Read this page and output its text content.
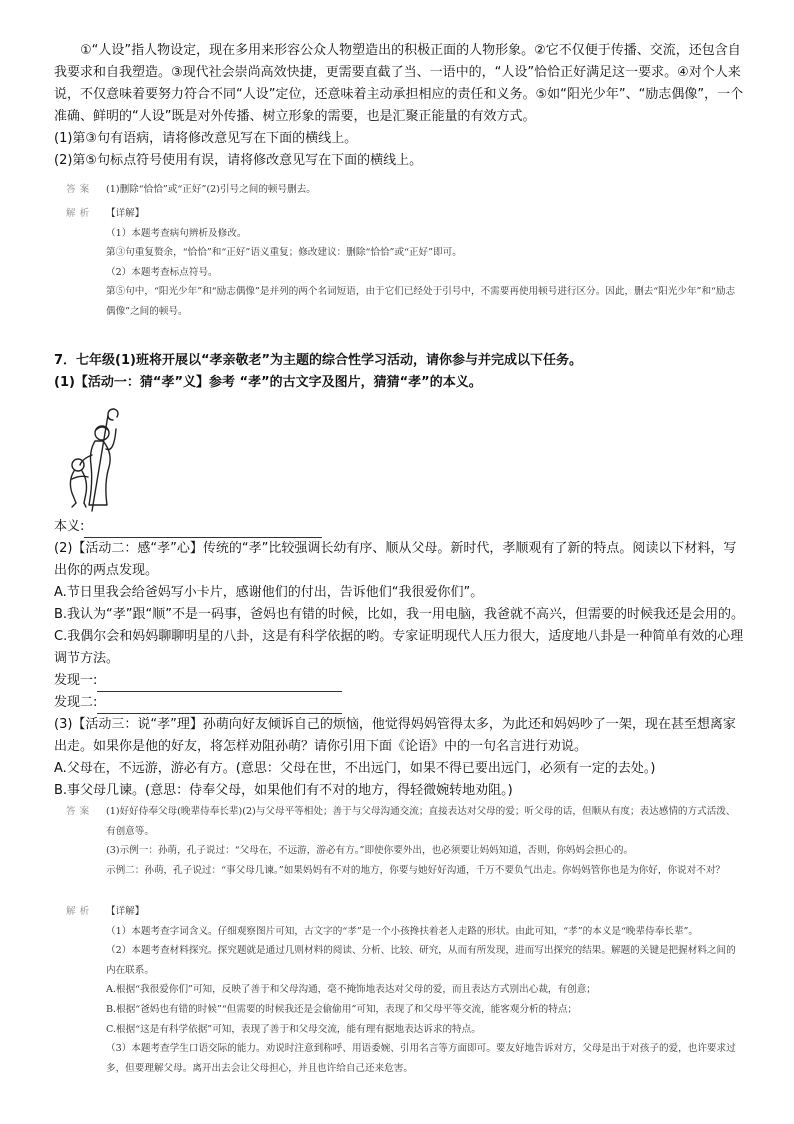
①“人设”指人物设定，现在多用来形容公众人物塑造出的积极正面的人物形象。②它不仅便于传播、交流，还包含自我要求和自我塑造。③现代社会崇尚高效快捷，更需要直截了当、一语中的，“人设”恰恰正好满足这一要求。④对个人来说，不仅意味着要努力符合不同“人设”定位，还意味着主动承担相应的责任和义务。⑤如“阳光少年”、“励志偶像”，一个准确、鲜明的“人设”既是对外传播、树立形象的需要，也是汇聚正能量的有效方式。

(1)第③句有语病，请将修改意见写在下面的横线上。

(2)第⑤句标点符号使用有误，请将修改意见写在下面的横线上。

答案 (1)删除“恰恰”或“正好”(2)引号之间的顿号删去。

解析 【详解】

（1）本题考查病句辨析及修改。

第③句重复赘余，“恰恰”和“正好”语义重复；修改建议：删除“恰恰”或“正好”即可。

（2）本题考查标点符号。

第⑤句中，“阳光少年”和“励志偶像”是并列的两个名词短语，由于它们已经处于引号中，不需要再使用顿号进行区分。因此，删去“阳光少年”和“励志偶像”之间的顿号。

7．七年级(1)班将开展以“孝亲敬老”为主题的综合性学习活动，请你参与并完成以下任务。

(1)【活动一：猜“孝”义】参考 “孝”的古文字及图片，猜猜“孝”的本义。

本义:

(2)【活动二：感“孝”心】传统的“孝”比较强调长幼有序、顺从父母。新时代，孝顺观有了新的特点。阅读以下材料，写出你的两点发现。

A.节日里我会给爸妈写小卡片，感谢他们的付出，告诉他们“我很爱你们”。

B.我认为“孝”跟“顺”不是一码事，爸妈也有错的时候，比如，我一用电脑，我爸就不高兴，但需要的时候我还是会用的。

C.我偶尔会和妈妈聊聊明星的八卦，这是有科学依据的哟。专家证明现代人压力很大，适度地八卦是一种简单有效的心理调节方法。

发现一:

发现二:

(3)【活动三：说“孝”理】孙萌向好友倾诉自己的烦恼，他觉得妈妈管得太多，为此还和妈妈吵了一架，现在甚至想离家出走。如果你是他的好友，将怎样劝阻孙萌？请你引用下面《论语》中的一句名言进行劝说。

A.父母在，不远游，游必有方。(意思：父母在世，不出远门，如果不得已要出远门，必须有一定的去处。)

B.事父母几谏。(意思：侍奉父母，如果他们有不对的地方，得轻微婉转地劝阻。)

答案 (1)好好侍奉父母(晚辈侍奉长辈)(2)与父母平等相处；善于与父母沟通交流；直接表达对父母的爱；听父母的话，但顺从有度；表达感情的方式活泼、有创意等。

(3)示例一：孙萌，孔子说过：“父母在，不远游，游必有方。”即使你要外出，也必须要让妈妈知道，否则，你妈妈会担心的。

示例二：孙萌，孔子说过：“事父母几谏。”如果妈妈有不对的地方，你要与她好好沟通，千万不要负气出走。你妈妈管你也是为你好，你说对不对？

解析 【详解】

（1）本题考查字词含义。仔细观察图片可知，古文字的“孝”是一个小孩搀扶着老人走路的形状。由此可知，“孝”的本义是“晚辈侍奉长辈”。

（2）本题考查材料探究。探究题就是通过几则材料的阅读、分析、比较、研究，从而有所发现，进而写出探究的结果。解题的关键是把握材料之间的内在联系。

A.根据“我很爱你们”可知，反映了善于和父母沟通，毫不掩饰地表达对父母的爱，而且表达方式别出心裁，有创意；

B.根据“爸妈也有错的时候”“但需要的时候我还是会偷偷用”可知，表现了和父母平等交流，能客观分析的特点；

C.根据“这是有科学依据”可知，表现了善于和父母交流，能有理有据地表达诉求的特点。

（3）本题考查学生口语交际的能力。劝说时注意到称呼、用语委婉、引用名言等方面即可。要友好地告诉对方，父母是出于对孩子的爱，也许要求过多，但要理解父母。离开出去会让父母担心，并且也许给自己还来危害。
